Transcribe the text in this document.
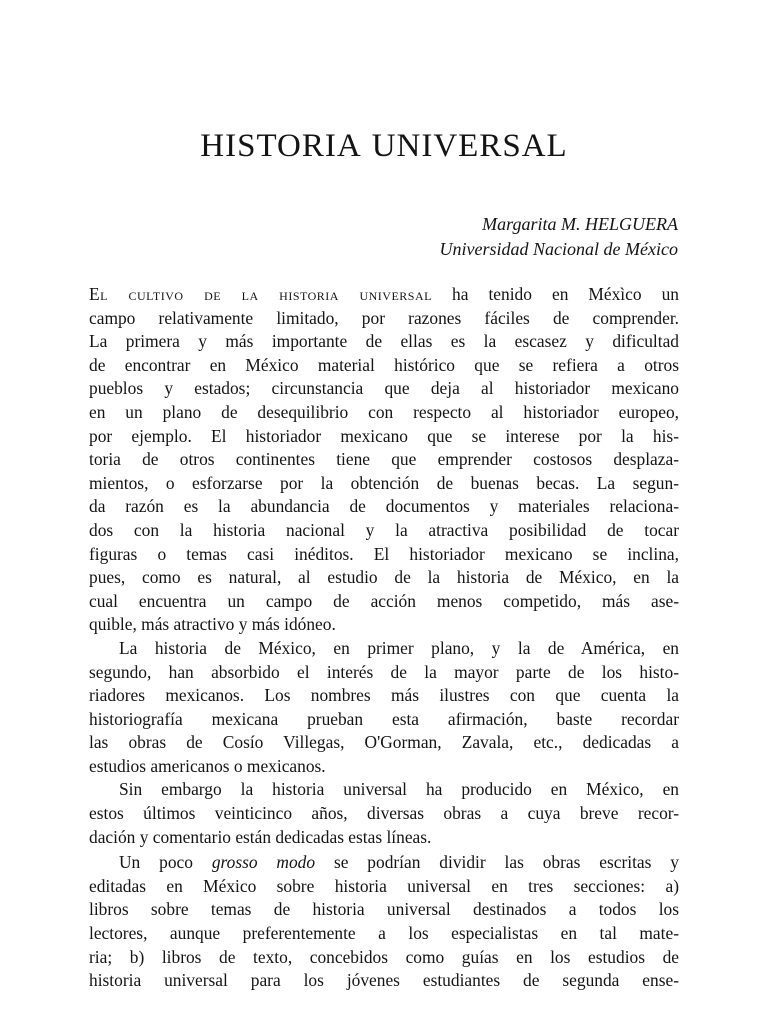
HISTORIA UNIVERSAL
Margarita M. HELGUERA
Universidad Nacional de México

El cultivo de la historia universal ha tenido en Méxìco un
campo relativamente limitado, por razones fáciles de comprender.
La primera y más importante de ellas es la escasez y dificultad
de encontrar en México material histórico que se refiera a otros
pueblos y estados; circunstancia que deja al historiador mexicano
en un plano de desequilibrio con respecto al historiador europeo,
por ejemplo. El historiador mexicano que se interese por la his-
toria de otros continentes tiene que emprender costosos desplaza-
mientos, o esforzarse por la obtención de buenas becas. La segun-
da razón es la abundancia de documentos y materiales relaciona-
dos con la historia nacional y la atractiva posibilidad de tocar
figuras o temas casi inéditos. El historiador mexicano se inclina,
pues, como es natural, al estudio de la historia de México, en la
cual encuentra un campo de acción menos competido, más ase-
quible, más atractivo y más idóneo.

La historia de México, en primer plano, y la de América, en
segundo, han absorbido el interés de la mayor parte de los histo-
riadores mexicanos. Los nombres más ilustres con que cuenta la
historiografía mexicana prueban esta afirmación, baste recordar
las obras de Cosío Villegas, O'Gorman, Zavala, etc., dedicadas a
estudios americanos o mexicanos.

Sin embargo la historia universal ha producido en México, en
estos últimos veinticinco años, diversas obras a cuya breve recor-
dación y comentario están dedicadas estas líneas.

Un poco grosso modo se podrían dividir las obras escritas y
editadas en México sobre historia universal en tres secciones: a)
libros sobre temas de historia universal destinados a todos los
lectores, aunque preferentemente a los especialistas en tal mate-
ria; b) libros de texto, concebidos como guías en los estudios de
historia universal para los jóvenes estudiantes de segunda ense-
